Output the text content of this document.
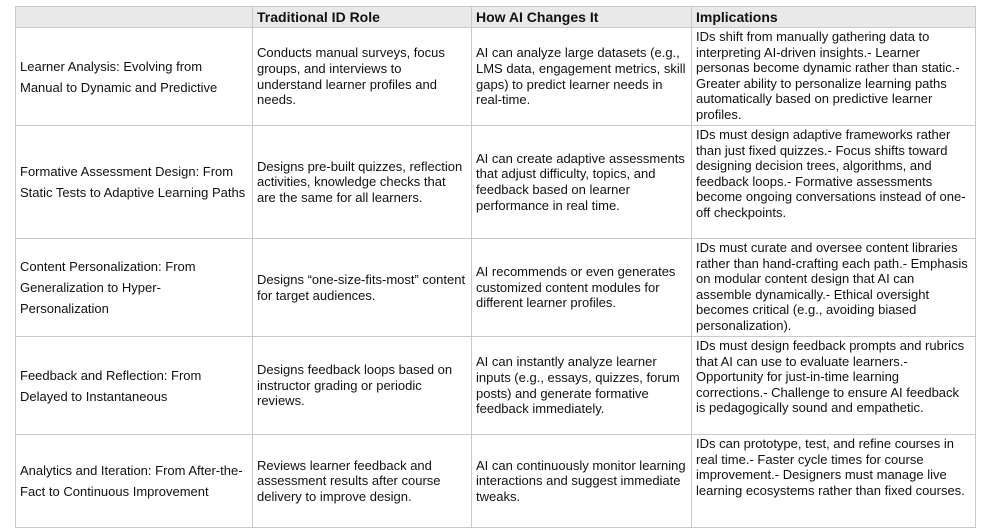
	Traditional ID Role	How AI Changes It	Implications
Learner Analysis: Evolving from Manual to Dynamic and Predictive	Conducts manual surveys, focus groups, and interviews to understand learner profiles and needs.	AI can analyze large datasets (e.g., LMS data, engagement metrics, skill gaps) to predict learner needs in real-time.	IDs shift from manually gathering data to interpreting AI-driven insights.- Learner personas become dynamic rather than static.- Greater ability to personalize learning paths automatically based on predictive learner profiles.
Formative Assessment Design: From Static Tests to Adaptive Learning Paths	Designs pre-built quizzes, reflection activities, knowledge checks that are the same for all learners.	AI can create adaptive assessments that adjust difficulty, topics, and feedback based on learner performance in real time.	IDs must design adaptive frameworks rather than just fixed quizzes.- Focus shifts toward designing decision trees, algorithms, and feedback loops.- Formative assessments become ongoing conversations instead of one-off checkpoints.
Content Personalization: From Generalization to Hyper-Personalization	Designs “one-size-fits-most” content for target audiences.	AI recommends or even generates customized content modules for different learner profiles.	IDs must curate and oversee content libraries rather than hand-crafting each path.- Emphasis on modular content design that AI can assemble dynamically.- Ethical oversight becomes critical (e.g., avoiding biased personalization).
Feedback and Reflection: From Delayed to Instantaneous	Designs feedback loops based on instructor grading or periodic reviews.	AI can instantly analyze learner inputs (e.g., essays, quizzes, forum posts) and generate formative feedback immediately.	IDs must design feedback prompts and rubrics that AI can use to evaluate learners.- Opportunity for just-in-time learning corrections.- Challenge to ensure AI feedback is pedagogically sound and empathetic.
Analytics and Iteration: From After-the-Fact to Continuous Improvement	Reviews learner feedback and assessment results after course delivery to improve design.	AI can continuously monitor learning interactions and suggest immediate tweaks.	IDs can prototype, test, and refine courses in real time.- Faster cycle times for course improvement.- Designers must manage live learning ecosystems rather than fixed courses.
